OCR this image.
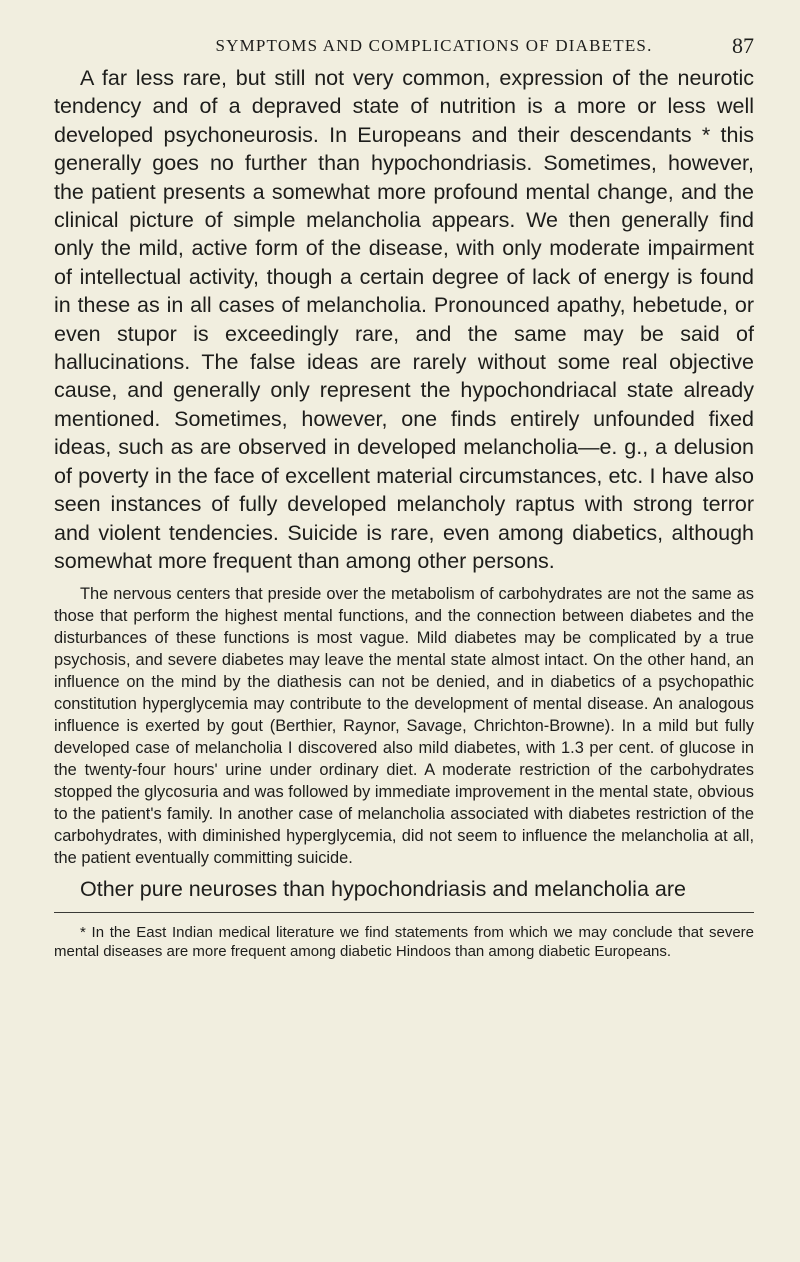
SYMPTOMS AND COMPLICATIONS OF DIABETES.	87

A far less rare, but still not very common, expression of the neurotic tendency and of a depraved state of nutrition is a more or less well developed psychoneurosis. In Europeans and their descendants * this generally goes no further than hypochondriasis. Sometimes, however, the patient presents a somewhat more profound mental change, and the clinical picture of simple melancholia appears. We then generally find only the mild, active form of the disease, with only moderate impairment of intellectual activity, though a certain degree of lack of energy is found in these as in all cases of melancholia. Pronounced apathy, hebetude, or even stupor is exceedingly rare, and the same may be said of hallucinations. The false ideas are rarely without some real objective cause, and generally only represent the hypochondriacal state already mentioned. Sometimes, however, one finds entirely unfounded fixed ideas, such as are observed in developed melancholia—e. g., a delusion of poverty in the face of excellent material circumstances, etc. I have also seen instances of fully developed melancholy raptus with strong terror and violent tendencies. Suicide is rare, even among diabetics, although somewhat more frequent than among other persons.

The nervous centers that preside over the metabolism of carbohydrates are not the same as those that perform the highest mental functions, and the connection between diabetes and the disturbances of these functions is most vague. Mild diabetes may be complicated by a true psychosis, and severe diabetes may leave the mental state almost intact. On the other hand, an influence on the mind by the diathesis can not be denied, and in diabetics of a psychopathic constitution hyperglycemia may contribute to the development of mental disease. An analogous influence is exerted by gout (Berthier, Raynor, Savage, Chrichton-Browne). In a mild but fully developed case of melancholia I discovered also mild diabetes, with 1.3 per cent. of glucose in the twenty-four hours' urine under ordinary diet. A moderate restriction of the carbohydrates stopped the glycosuria and was followed by immediate improvement in the mental state, obvious to the patient's family. In another case of melancholia associated with diabetes restriction of the carbohydrates, with diminished hyperglycemia, did not seem to influence the melancholia at all, the patient eventually committing suicide.

Other pure neuroses than hypochondriasis and melancholia are

* In the East Indian medical literature we find statements from which we may conclude that severe mental diseases are more frequent among diabetic Hindoos than among diabetic Europeans.
